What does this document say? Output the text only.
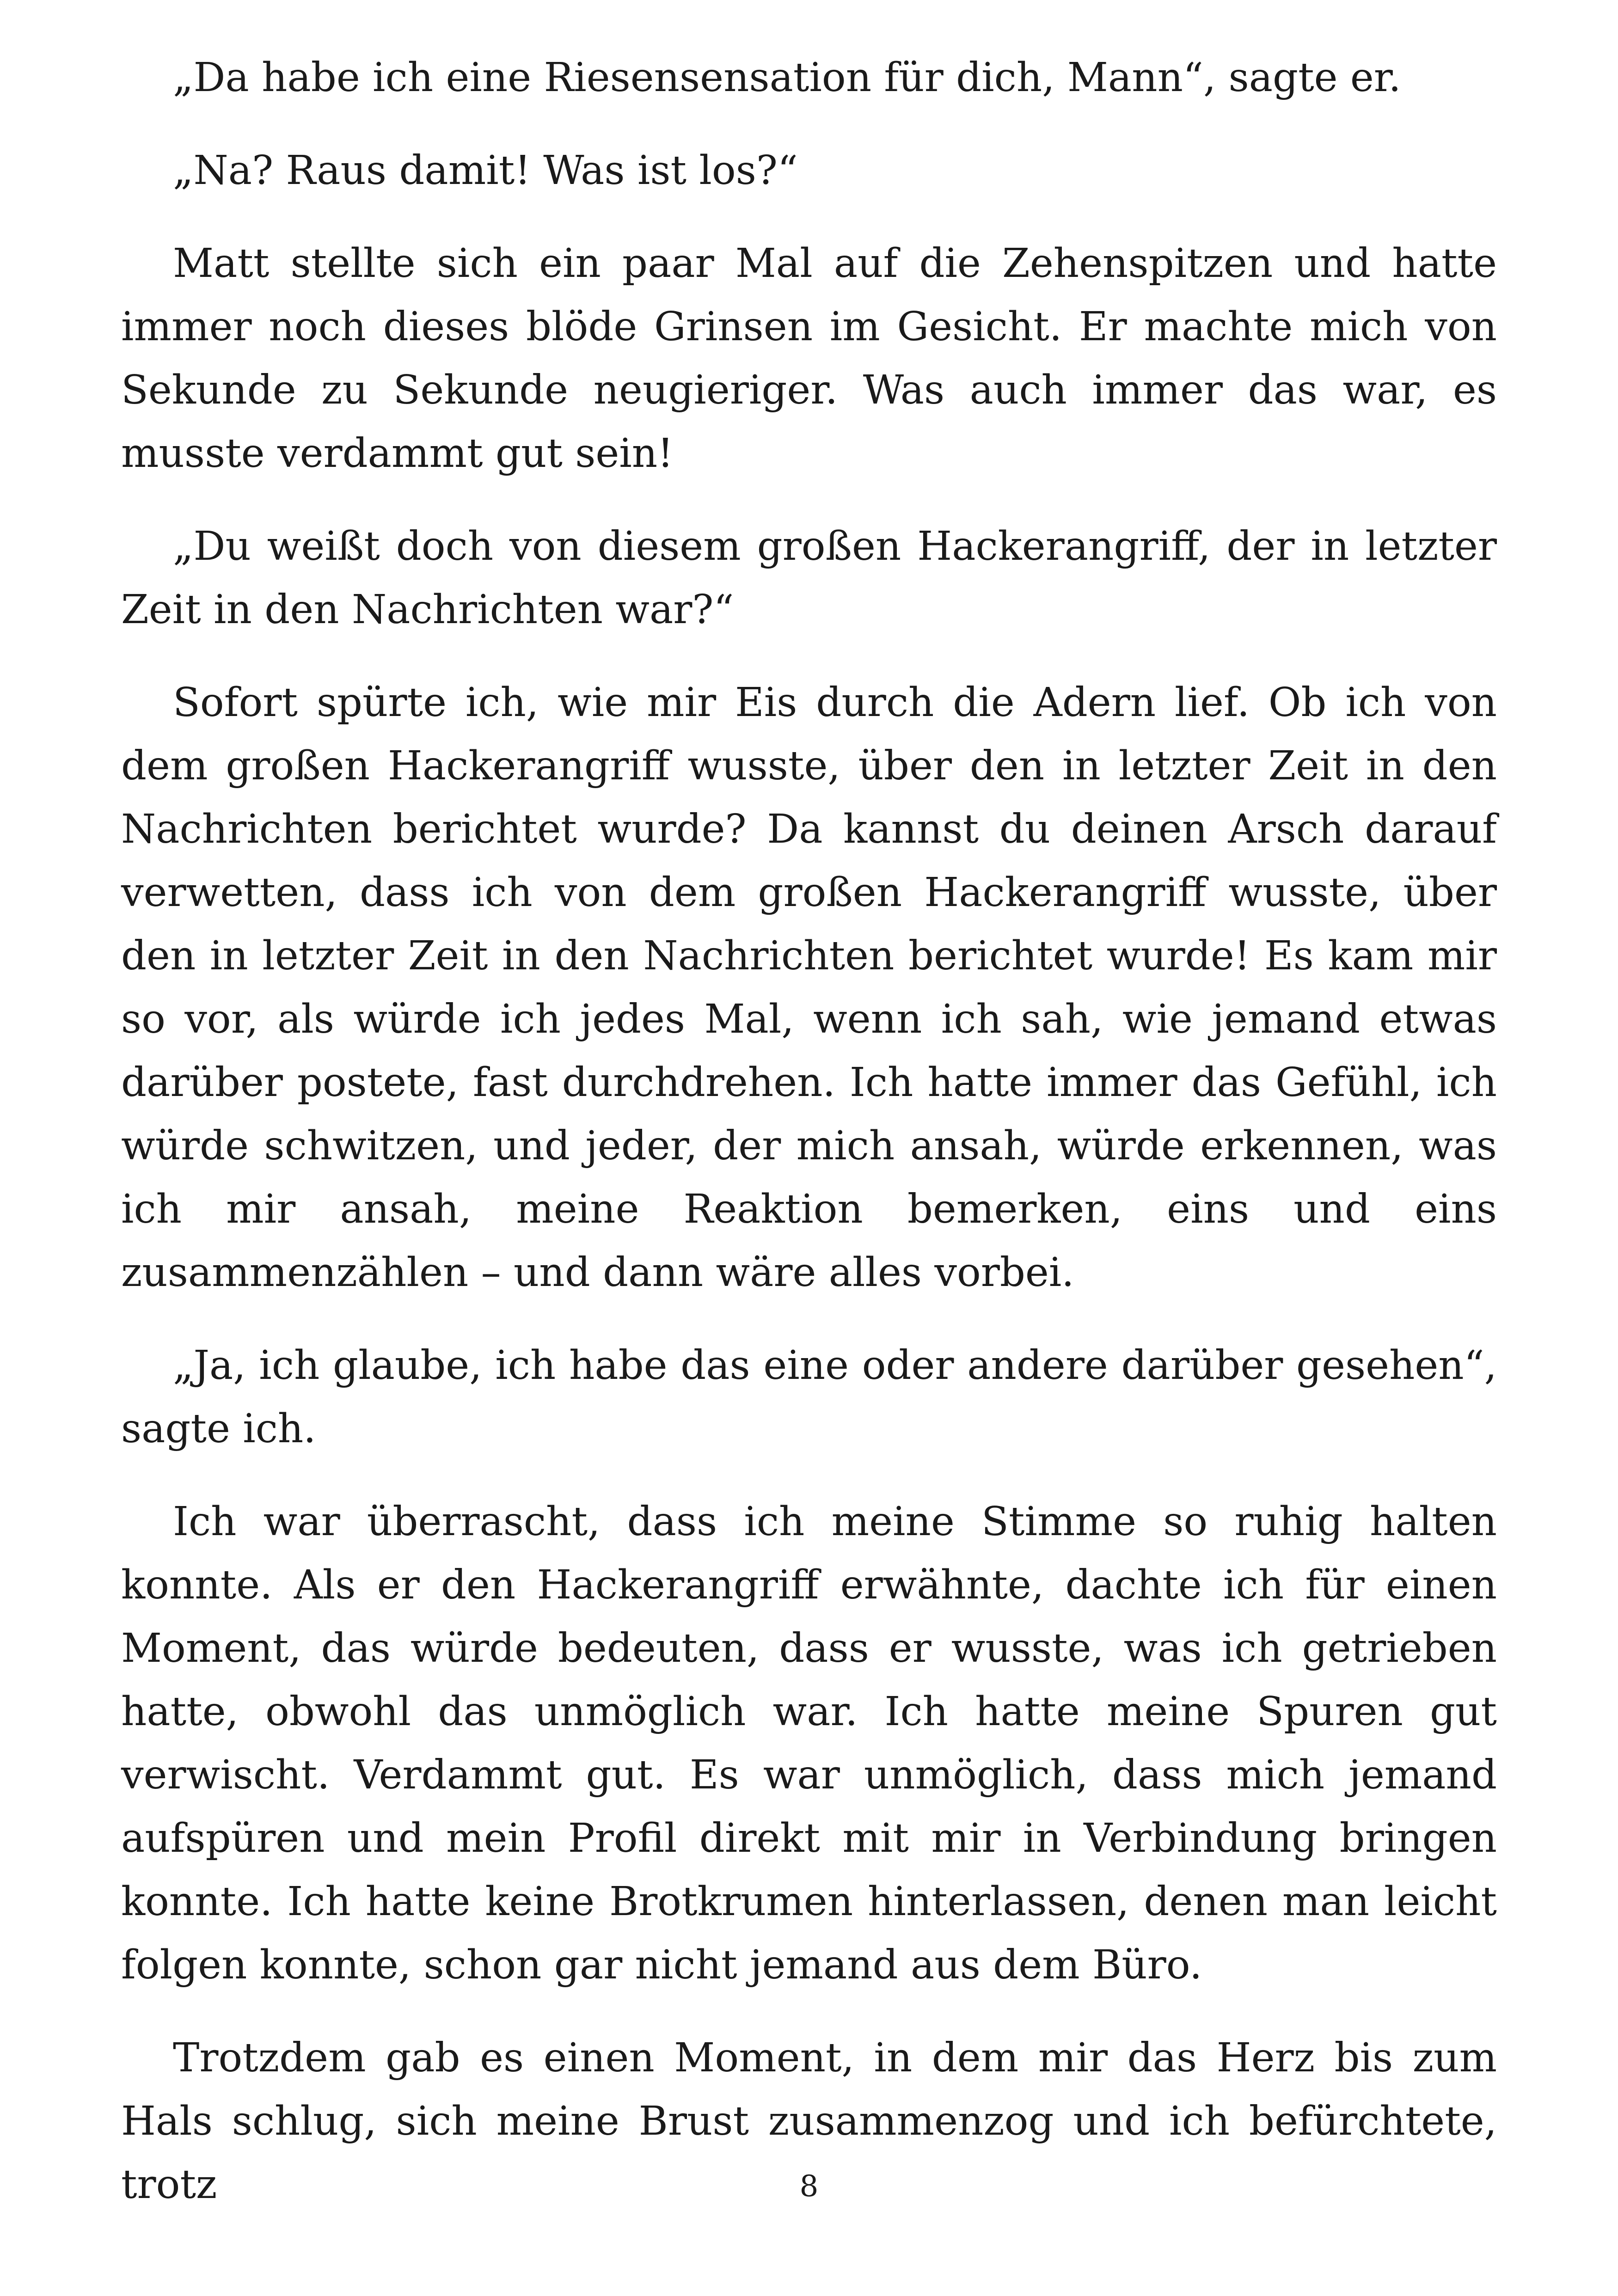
„Da habe ich eine Riesensensation für dich, Mann“, sagte er.

„Na? Raus damit! Was ist los?“

Matt stellte sich ein paar Mal auf die Zehenspitzen und hatte immer noch dieses blöde Grinsen im Gesicht. Er machte mich von Sekunde zu Sekunde neugieriger. Was auch immer das war, es musste verdammt gut sein!

„Du weißt doch von diesem großen Hackerangriff, der in letzter Zeit in den Nachrichten war?“

Sofort spürte ich, wie mir Eis durch die Adern lief. Ob ich von dem großen Hackerangriff wusste, über den in letzter Zeit in den Nachrichten berichtet wurde? Da kannst du deinen Arsch darauf verwetten, dass ich von dem großen Hackerangriff wusste, über den in letzter Zeit in den Nachrichten berichtet wurde! Es kam mir so vor, als würde ich jedes Mal, wenn ich sah, wie jemand etwas darüber postete, fast durchdrehen. Ich hatte immer das Gefühl, ich würde schwitzen, und jeder, der mich ansah, würde erkennen, was ich mir ansah, meine Reaktion bemerken, eins und eins zusammenzählen – und dann wäre alles vorbei.

„Ja, ich glaube, ich habe das eine oder andere darüber gesehen“, sagte ich.

Ich war überrascht, dass ich meine Stimme so ruhig halten konnte. Als er den Hackerangriff erwähnte, dachte ich für einen Moment, das würde bedeuten, dass er wusste, was ich getrieben hatte, obwohl das unmöglich war. Ich hatte meine Spuren gut verwischt. Verdammt gut. Es war unmöglich, dass mich jemand aufspüren und mein Profil direkt mit mir in Verbindung bringen konnte. Ich hatte keine Brotkrumen hinterlassen, denen man leicht folgen konnte, schon gar nicht jemand aus dem Büro.

Trotzdem gab es einen Moment, in dem mir das Herz bis zum Hals schlug, sich meine Brust zusammenzog und ich befürchtete, trotz	8
